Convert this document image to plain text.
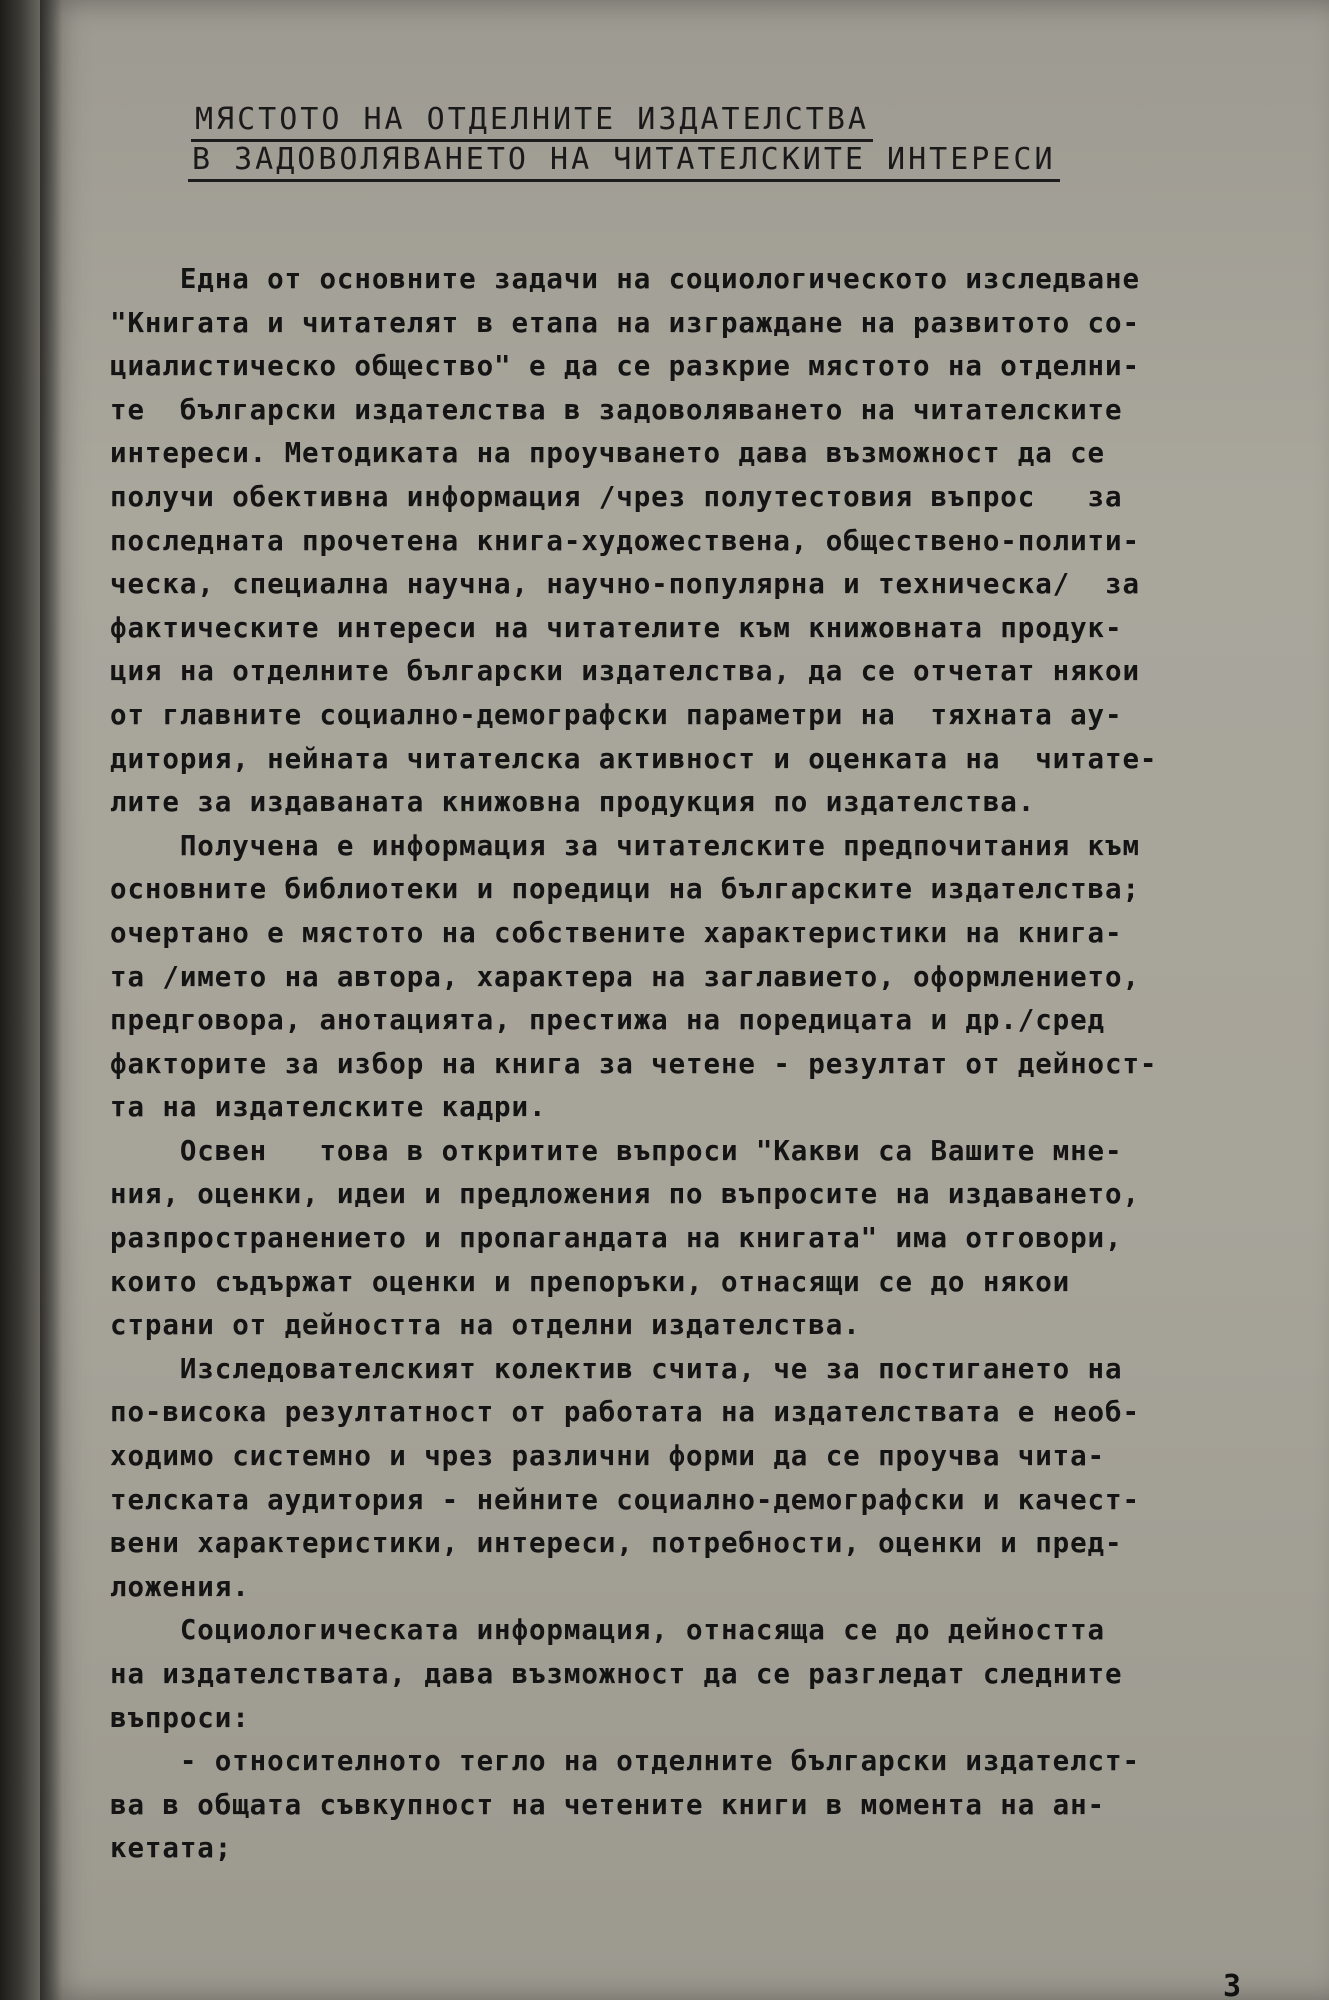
МЯСТОТО НА ОТДЕЛНИТЕ ИЗДАТЕЛСТВА
В ЗАДОВОЛЯВАНЕТО НА ЧИТАТЕЛСКИТЕ ИНТЕРЕСИ
Една от основните задачи на социологическото изследване
"Книгата и читателят в етапа на изграждане на развитото со-
циалистическо общество" е да се разкрие мястото на отделни-
те  български издателства в задоволяването на читателските
интереси. Методиката на проучването дава възможност да се
получи обективна информация /чрез полутестовия въпрос   за
последната прочетена книга-художествена, обществено-полити-
ческа, специална научна, научно-популярна и техническа/  за
фактическите интереси на читателите към книжовната продук-
ция на отделните български издателства, да се отчетат някои
от главните социално-демографски параметри на  тяхната ау-
дитория, нейната читателска активност и оценката на  читате-
лите за издаваната книжовна продукция по издателства.
Получена е информация за читателските предпочитания към
основните библиотеки и поредици на българските издателства;
очертано е мястото на собствените характеристики на книга-
та /името на автора, характера на заглавието, оформлението,
предговора, анотацията, престижа на поредицата и др./сред
факторите за избор на книга за четене - резултат от дейност-
та на издателските кадри.
Освен   това в откритите въпроси "Какви са Вашите мне-
ния, оценки, идеи и предложения по въпросите на издаването,
разпространението и пропагандата на книгата" има отговори,
които съдържат оценки и препоръки, отнасящи се до някои
страни от дейността на отделни издателства.
Изследователският колектив счита, че за постигането на
по-висока резултатност от работата на издателствата е необ-
ходимо системно и чрез различни форми да се проучва чита-
телската аудитория - нейните социално-демографски и качест-
вени характеристики, интереси, потребности, оценки и пред-
ложения.
Социологическата информация, отнасяща се до дейността
на издателствата, дава възможност да се разгледат следните
въпроси:
- относителното тегло на отделните български издателст-
ва в общата съвкупност на четените книги в момента на ан-
кетата;
3
